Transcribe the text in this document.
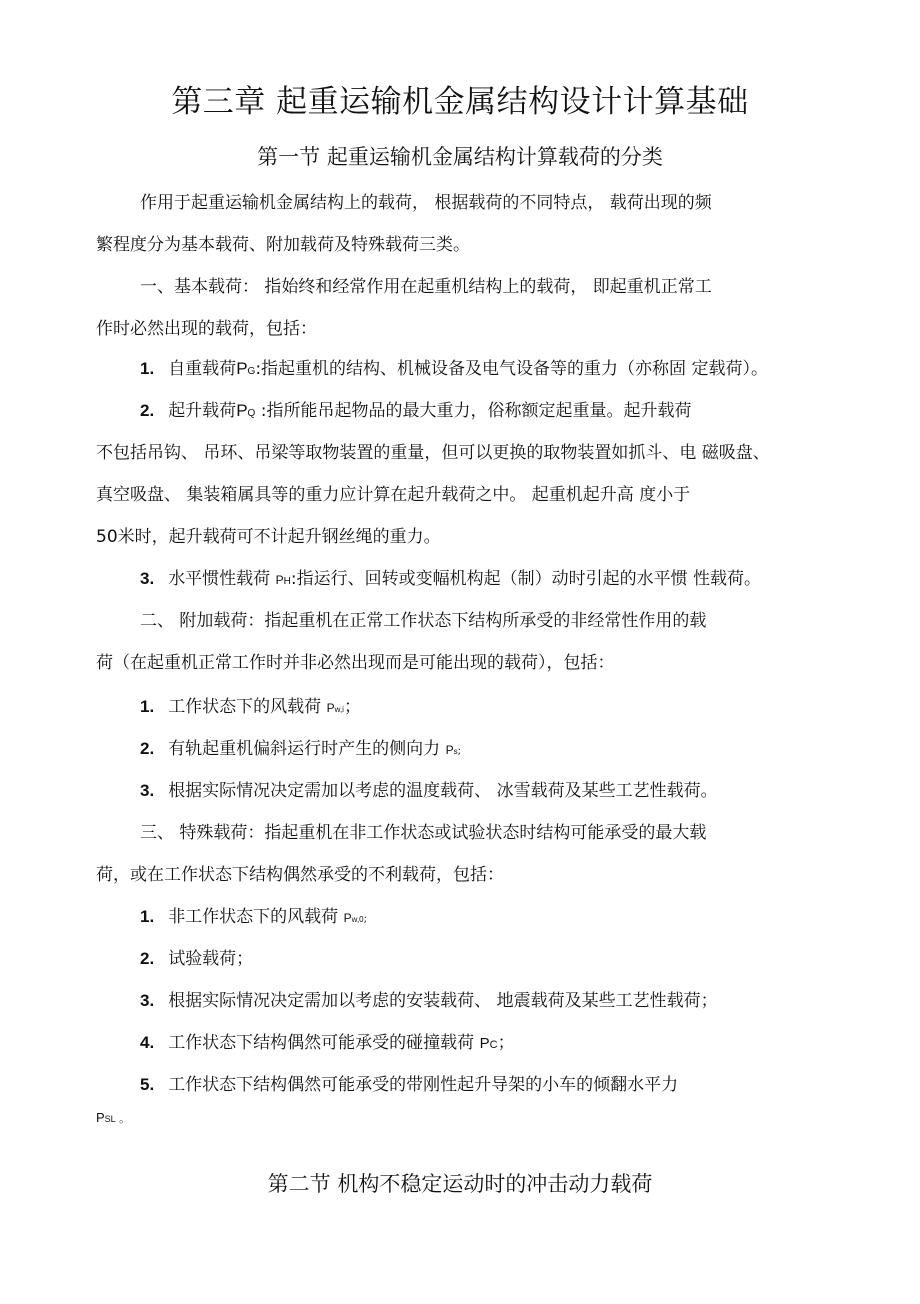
第三章 起重运输机金属结构设计计算基础
第一节 起重运输机金属结构计算载荷的分类
作用于起重运输机金属结构上的载荷， 根据载荷的不同特点， 载荷出现的频
繁程度分为基本载荷、附加载荷及特殊载荷三类。
一、基本载荷： 指始终和经常作用在起重机结构上的载荷， 即起重机正常工
作时必然出现的载荷，包括：
1. 自重载荷PG:指起重机的结构、机械设备及电气设备等的重力（亦称固 定载荷）。
2. 起升载荷PQ :指所能吊起物品的最大重力，俗称额定起重量。起升载荷
不包括吊钩、 吊环、吊梁等取物装置的重量，但可以更换的取物装置如抓斗、电 磁吸盘、
真空吸盘、 集装箱属具等的重力应计算在起升载荷之中。 起重机起升高 度小于
50米时，起升载荷可不计起升钢丝绳的重力。
3. 水平惯性载荷 PH:指运行、回转或变幅机构起（制）动时引起的水平惯 性载荷。
二、 附加载荷：指起重机在正常工作状态下结构所承受的非经常性作用的载
荷（在起重机正常工作时并非必然出现而是可能出现的载荷），包括：
1. 工作状态下的风载荷 Pw,i；
2. 有轨起重机偏斜运行时产生的侧向力 Ps;
3. 根据实际情况决定需加以考虑的温度载荷、 冰雪载荷及某些工艺性载荷。
三、 特殊载荷：指起重机在非工作状态或试验状态时结构可能承受的最大载
荷，或在工作状态下结构偶然承受的不利载荷，包括：
1. 非工作状态下的风载荷 Pw,0;
2. 试验载荷；
3. 根据实际情况决定需加以考虑的安装载荷、 地震载荷及某些工艺性载荷；
4. 工作状态下结构偶然可能承受的碰撞载荷 PC；
5. 工作状态下结构偶然可能承受的带刚性起升导架的小车的倾翻水平力
PSL 。
第二节 机构不稳定运动时的冲击动力载荷
